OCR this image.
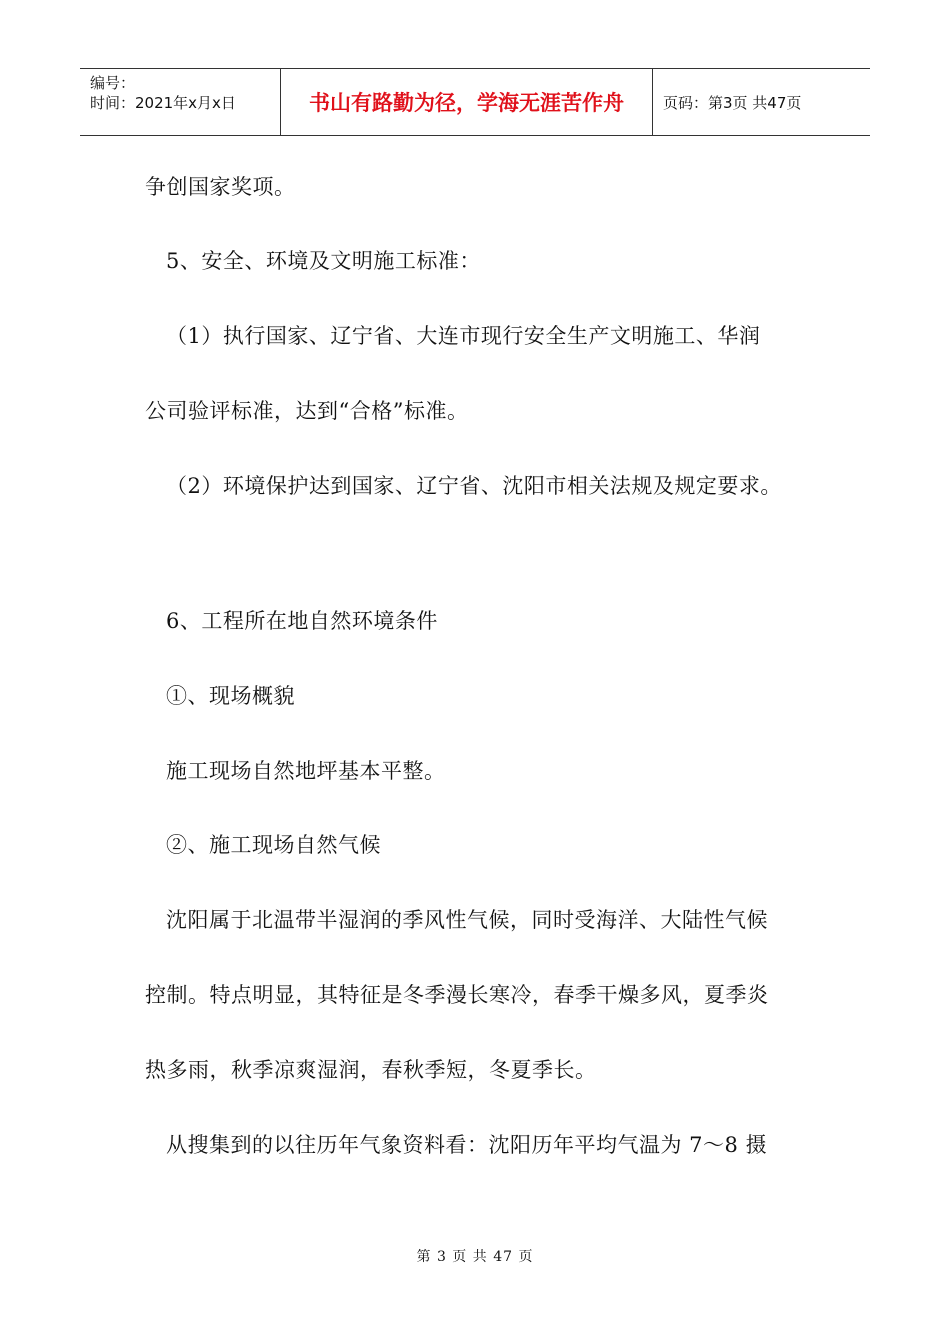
编号：
时间：2021年x月x日	书山有路勤为径，学海无涯苦作舟	页码：第3页 共47页
争创国家奖项。
5、安全、环境及文明施工标准：
（1）执行国家、辽宁省、大连市现行安全生产文明施工、华润
公司验评标准，达到“合格”标准。
（2）环境保护达到国家、辽宁省、沈阳市相关法规及规定要求。
6、工程所在地自然环境条件
①、现场概貌
施工现场自然地坪基本平整。
②、施工现场自然气候
沈阳属于北温带半湿润的季风性气候，同时受海洋、大陆性气候
控制。特点明显，其特征是冬季漫长寒冷，春季干燥多风，夏季炎
热多雨，秋季凉爽湿润，春秋季短，冬夏季长。
从搜集到的以往历年气象资料看：沈阳历年平均气温为 7～8 摄
第 3 页 共 47 页
